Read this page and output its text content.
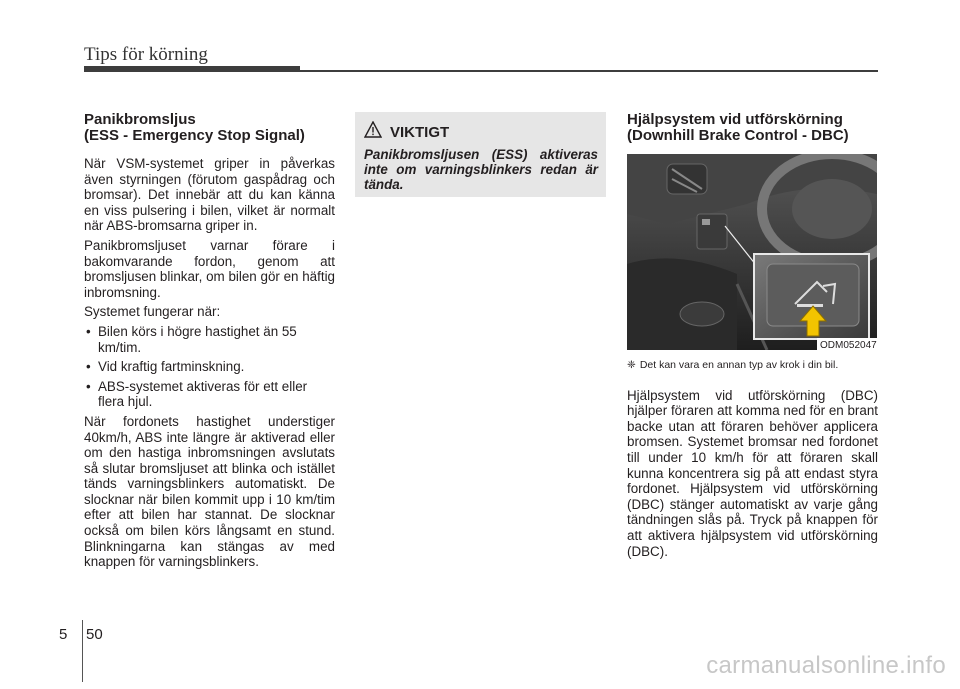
Tips för körning
Panikbromsljus
(ESS - Emergency Stop Signal)

När VSM-systemet griper in påverkas även styrningen (förutom gaspådrag och bromsar). Det innebär att du kan känna en viss pulsering i bilen, vilket är normalt när ABS-bromsarna griper in.

Panikbromsljuset varnar förare i bakomvarande fordon, genom att bromsljusen blinkar, om bilen gör en häftig inbromsning.

Systemet fungerar när:

• Bilen körs i högre hastighet än 55 km/tim.
• Vid kraftig fartminskning.
• ABS-systemet aktiveras för ett eller flera hjul.

När fordonets hastighet understiger 40km/h, ABS inte längre är aktiverad eller om den hastiga inbromsningen avslutats så slutar bromsljuset att blinka och istället tänds varningsblinkers automatiskt. De slocknar när bilen kommit upp i 10 km/tim efter att bilen har stannat. De slocknar också om bilen körs långsamt en stund. Blinkningarna kan stängas av med knappen för varningsblinkers.

VIKTIGT
Panikbromsljusen (ESS) aktiveras inte om varningsblinkers redan är tända.
Hjälpsystem vid utförskörning
(Downhill Brake Control - DBC)
ODM052047

❈ Det kan vara en annan typ av krok i din bil.

Hjälpsystem vid utförskörning (DBC) hjälper föraren att komma ned för en brant backe utan att föraren behöver applicera bromsen. Systemet bromsar ned fordonet till under 10 km/h för att föraren skall kunna koncentrera sig på att endast styra fordonet. Hjälpsystem vid utförskörning (DBC) stänger automatiskt av varje gång tändningen slås på. Tryck på knappen för att aktivera hjälpsystem vid utförskörning (DBC).

5 50
carmanualsonline.info
